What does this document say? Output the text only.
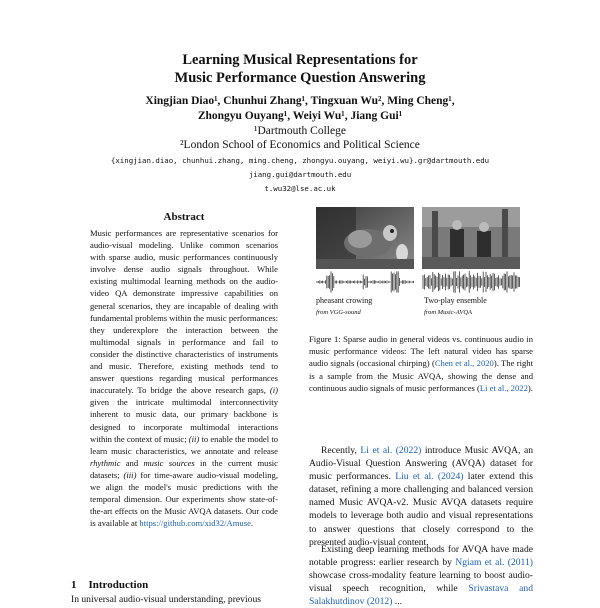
Learning Musical Representations for
Music Performance Question Answering
Xingjian Diao¹, Chunhui Zhang¹, Tingxuan Wu², Ming Cheng¹,
Zhongyu Ouyang¹, Weiyi Wu¹, Jiang Gui¹
¹Dartmouth College
²London School of Economics and Political Science
{xingjian.diao, chunhui.zhang, ming.cheng, zhongyu.ouyang, weiyi.wu}.gr@dartmouth.edu
jiang.gui@dartmouth.edu
t.wu32@lse.ac.uk
Abstract
Music performances are representative scenarios for audio-visual modeling. Unlike common scenarios with sparse audio, music performances continuously involve dense audio signals throughout. While existing multimodal learning methods on the audio-video QA demonstrate impressive capabilities on general scenarios, they are incapable of dealing with fundamental problems within the music performances: they underexplore the interaction between the multimodal signals in performance and fail to consider the distinctive characteristics of instruments and music. Therefore, existing methods tend to answer questions regarding musical performances inaccurately. To bridge the above research gaps, (i) given the intricate multimodal interconnectivity inherent to music data, our primary backbone is designed to incorporate multimodal interactions within the context of music; (ii) to enable the model to learn music characteristics, we annotate and release rhythmic and music sources in the current music datasets; (iii) for time-aware audio-visual modeling, we align the model's music predictions with the temporal dimension. Our experiments show state-of-the-art effects on the Music AVQA datasets. Our code is available at https://github.com/xid32/Amuse.
1 Introduction
In universal audio-visual understanding, previous
pheasant crowing
from VGG-sound
Two-play ensemble
from Music-AVQA
Figure 1: Sparse audio in general videos vs. continuous audio in music performance videos: The left natural video has sparse audio signals (occasional chirping) (Chen et al., 2020). The right is a sample from the Music AVQA, showing the dense and continuous audio signals of music performances (Li et al., 2022).
Recently, Li et al. (2022) introduce Music AVQA, an Audio-Visual Question Answering (AVQA) dataset for music performances. Liu et al. (2024) later extend this dataset, refining a more challenging and balanced version named Music AVQA-v2. Music AVQA datasets require models to leverage both audio and visual representations to answer questions that closely correspond to the presented audio-visual content.
Existing deep learning methods for AVQA have made notable progress: earlier research by Ngiam et al. (2011) showcase cross-modality feature learning to boost audio-visual speech recognition, while Srivastava and Salakhutdinov (2012) ...
